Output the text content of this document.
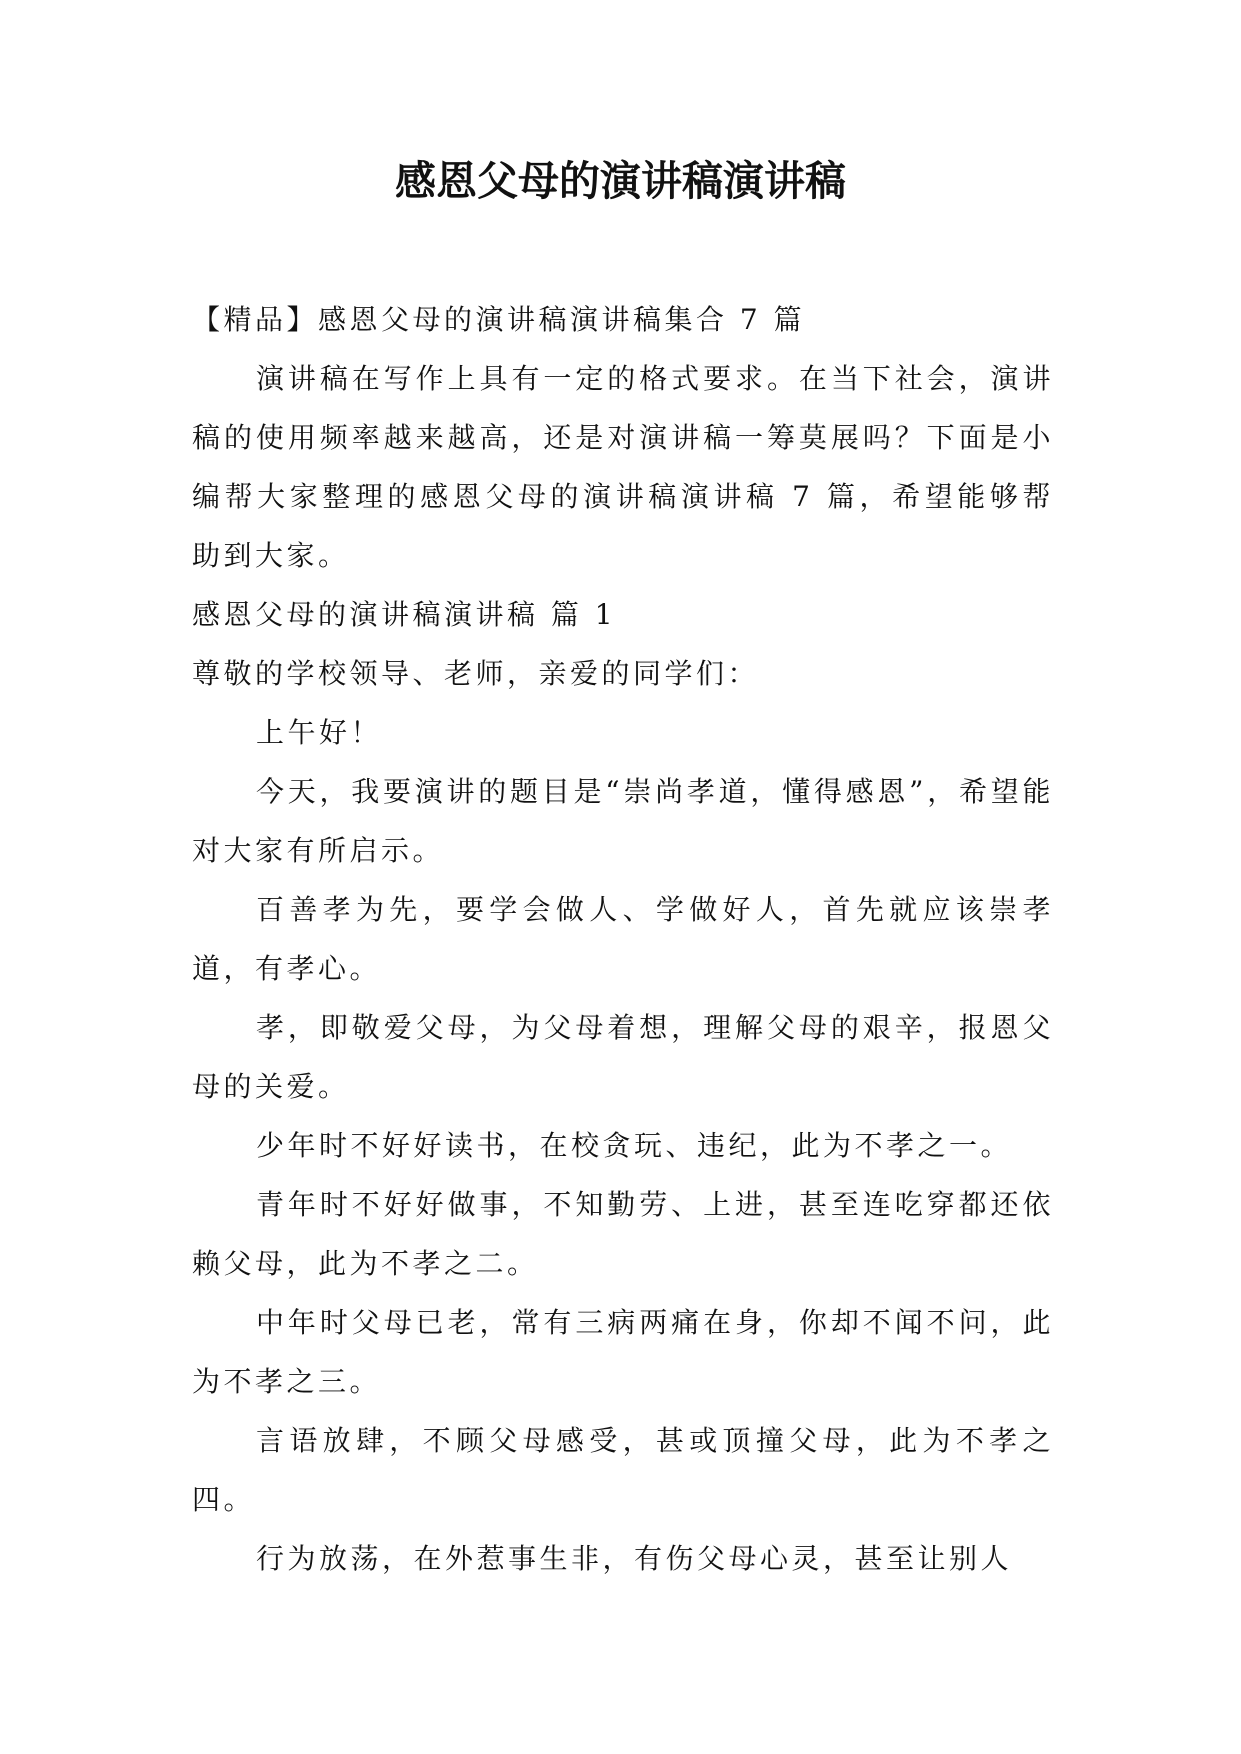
感恩父母的演讲稿演讲稿

【精品】感恩父母的演讲稿演讲稿集合 7 篇

演讲稿在写作上具有一定的格式要求。在当下社会，演讲稿的使用频率越来越高，还是对演讲稿一筹莫展吗？下面是小编帮大家整理的感恩父母的演讲稿演讲稿 7 篇，希望能够帮助到大家。

感恩父母的演讲稿演讲稿 篇 1

尊敬的学校领导、老师，亲爱的同学们：

上午好！

今天，我要演讲的题目是“崇尚孝道，懂得感恩”，希望能对大家有所启示。

百善孝为先，要学会做人、学做好人，首先就应该崇孝道，有孝心。

孝，即敬爱父母，为父母着想，理解父母的艰辛，报恩父母的关爱。

少年时不好好读书，在校贪玩、违纪，此为不孝之一。

青年时不好好做事，不知勤劳、上进，甚至连吃穿都还依赖父母，此为不孝之二。

中年时父母已老，常有三病两痛在身，你却不闻不问，此为不孝之三。

言语放肆，不顾父母感受，甚或顶撞父母，此为不孝之四。

行为放荡，在外惹事生非，有伤父母心灵，甚至让别人
